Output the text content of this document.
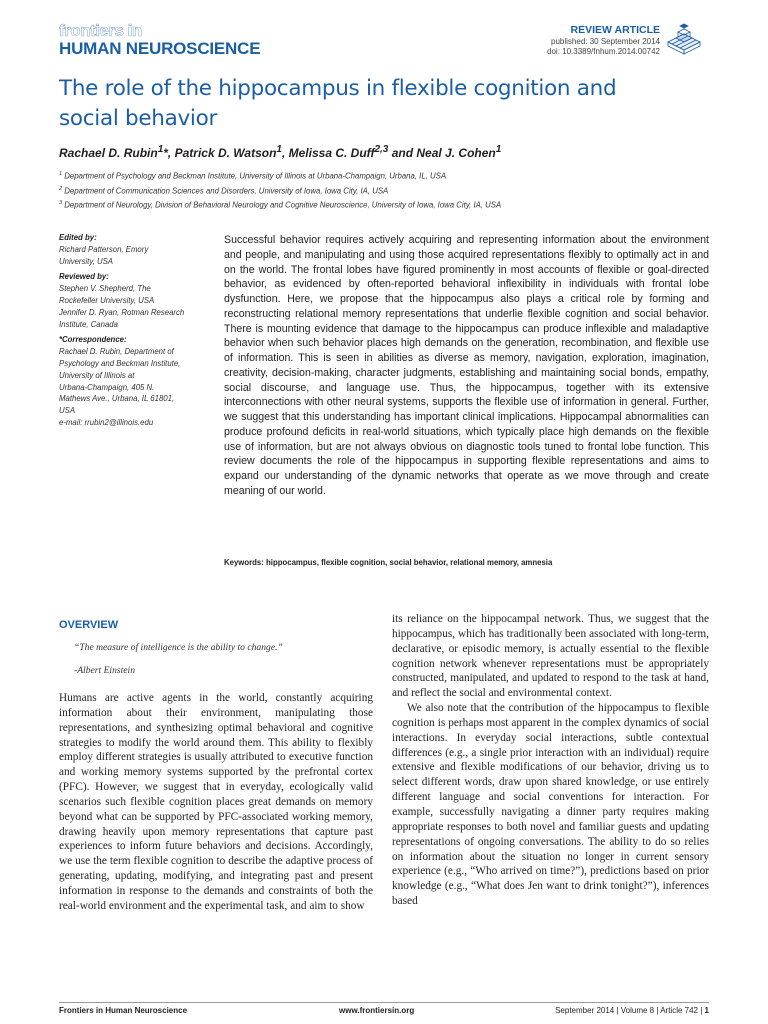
frontiers in
HUMAN NEUROSCIENCE
REVIEW ARTICLE
published: 30 September 2014
doi: 10.3389/fnhum.2014.00742
The role of the hippocampus in flexible cognition and social behavior
Rachael D. Rubin$^1$*, Patrick D. Watson$^1$, Melissa C. Duff$^{2,3}$ and Neal J. Cohen$^1$
$^1$ Department of Psychology and Beckman Institute, University of Illinois at Urbana-Champaign, Urbana, IL, USA
$^2$ Department of Communication Sciences and Disorders, University of Iowa, Iowa City, IA, USA
$^3$ Department of Neurology, Division of Behavioral Neurology and Cognitive Neuroscience, University of Iowa, Iowa City, IA, USA
Edited by:
Richard Patterson, Emory
University, USA
Reviewed by:
Stephen V. Shepherd, The
Rockefeller University, USA
Jennifer D. Ryan, Rotman Research
Institute, Canada
*Correspondence:
Rachael D. Rubin, Department of
Psychology and Beckman Institute,
University of Illinois at
Urbana-Champaign, 405 N.
Mathews Ave., Urbana, IL 61801,
USA
e-mail: rrubin2@illinois.edu
Successful behavior requires actively acquiring and representing information about the environment and people, and manipulating and using those acquired representations flexibly to optimally act in and on the world. The frontal lobes have figured prominently in most accounts of flexible or goal-directed behavior, as evidenced by often-reported behavioral inflexibility in individuals with frontal lobe dysfunction. Here, we propose that the hippocampus also plays a critical role by forming and reconstructing relational memory representations that underlie flexible cognition and social behavior. There is mounting evidence that damage to the hippocampus can produce inflexible and maladaptive behavior when such behavior places high demands on the generation, recombination, and flexible use of information. This is seen in abilities as diverse as memory, navigation, exploration, imagination, creativity, decision-making, character judgments, establishing and maintaining social bonds, empathy, social discourse, and language use. Thus, the hippocampus, together with its extensive interconnections with other neural systems, supports the flexible use of information in general. Further, we suggest that this understanding has important clinical implications. Hippocampal abnormalities can produce profound deficits in real-world situations, which typically place high demands on the flexible use of information, but are not always obvious on diagnostic tools tuned to frontal lobe function. This review documents the role of the hippocampus in supporting flexible representations and aims to expand our understanding of the dynamic networks that operate as we move through and create meaning of our world.
Keywords: hippocampus, flexible cognition, social behavior, relational memory, amnesia
OVERVIEW
“The measure of intelligence is the ability to change.”
-Albert Einstein

Humans are active agents in the world, constantly acquiring information about their environment, manipulating those representations, and synthesizing optimal behavioral and cognitive strategies to modify the world around them. This ability to flexibly employ different strategies is usually attributed to executive function and working memory systems supported by the prefrontal cortex (PFC). However, we suggest that in everyday, ecologically valid scenarios such flexible cognition places great demands on memory beyond what can be supported by PFC-associated working memory, drawing heavily upon memory representations that capture past experiences to inform future behaviors and decisions. Accordingly, we use the term flexible cognition to describe the adaptive process of generating, updating, modifying, and integrating past and present information in response to the demands and constraints of both the real-world environment and the experimental task, and aim to show

its reliance on the hippocampal network. Thus, we suggest that the hippocampus, which has traditionally been associated with long-term, declarative, or episodic memory, is actually essential to the flexible cognition network whenever representations must be appropriately constructed, manipulated, and updated to respond to the task at hand, and reflect the social and environmental context.

We also note that the contribution of the hippocampus to flexible cognition is perhaps most apparent in the complex dynamics of social interactions. In everyday social interactions, subtle contextual differences (e.g., a single prior interaction with an individual) require extensive and flexible modifications of our behavior, driving us to select different words, draw upon shared knowledge, or use entirely different language and social conventions for interaction. For example, successfully navigating a dinner party requires making appropriate responses to both novel and familiar guests and updating representations of ongoing conversations. The ability to do so relies on information about the situation no longer in current sensory experience (e.g., “Who arrived on time?”), predictions based on prior knowledge (e.g., “What does Jen want to drink tonight?”), inferences based

Frontiers in Human Neuroscience	www.frontiersin.org	September 2014 | Volume 8 | Article 742 | 1
